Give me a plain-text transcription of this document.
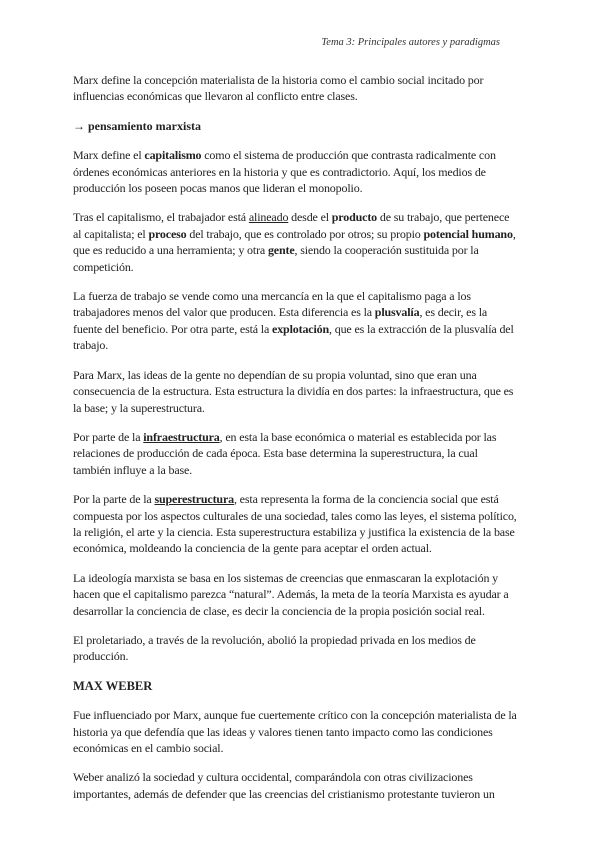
Tema 3: Principales autores y paradigmas

Marx define la concepción materialista de la historia como el cambio social incitado por influencias económicas que llevaron al conflicto entre clases.

→ pensamiento marxista

Marx define el capitalismo como el sistema de producción que contrasta radicalmente con órdenes económicas anteriores en la historia y que es contradictorio. Aquí, los medios de producción los poseen pocas manos que lideran el monopolio.

Tras el capitalismo, el trabajador está alineado desde el producto de su trabajo, que pertenece al capitalista; el proceso del trabajo, que es controlado por otros; su propio potencial humano, que es reducido a una herramienta; y otra gente, siendo la cooperación sustituida por la competición.

La fuerza de trabajo se vende como una mercancía en la que el capitalismo paga a los trabajadores menos del valor que producen. Esta diferencia es la plusvalía, es decir, es la fuente del beneficio. Por otra parte, está la explotación, que es la extracción de la plusvalía del trabajo.

Para Marx, las ideas de la gente no dependían de su propia voluntad, sino que eran una consecuencia de la estructura. Esta estructura la dividía en dos partes: la infraestructura, que es la base; y la superestructura.

Por parte de la infraestructura, en esta la base económica o material es establecida por las relaciones de producción de cada época. Esta base determina la superestructura, la cual también influye a la base.

Por la parte de la superestructura, esta representa la forma de la conciencia social que está compuesta por los aspectos culturales de una sociedad, tales como las leyes, el sistema político, la religión, el arte y la ciencia. Esta superestructura estabiliza y justifica la existencia de la base económica, moldeando la conciencia de la gente para aceptar el orden actual.

La ideología marxista se basa en los sistemas de creencias que enmascaran la explotación y hacen que el capitalismo parezca “natural”. Además, la meta de la teoría Marxista es ayudar a desarrollar la conciencia de clase, es decir la conciencia de la propia posición social real.

El proletariado, a través de la revolución, abolió la propiedad privada en los medios de producción.

MAX WEBER

Fue influenciado por Marx, aunque fue cuertemente crítico con la concepción materialista de la historia ya que defendía que las ideas y valores tienen tanto impacto como las condiciones económicas en el cambio social.

Weber analizó la sociedad y cultura occidental, comparándola con otras civilizaciones importantes, además de defender que las creencias del cristianismo protestante tuvieron un
